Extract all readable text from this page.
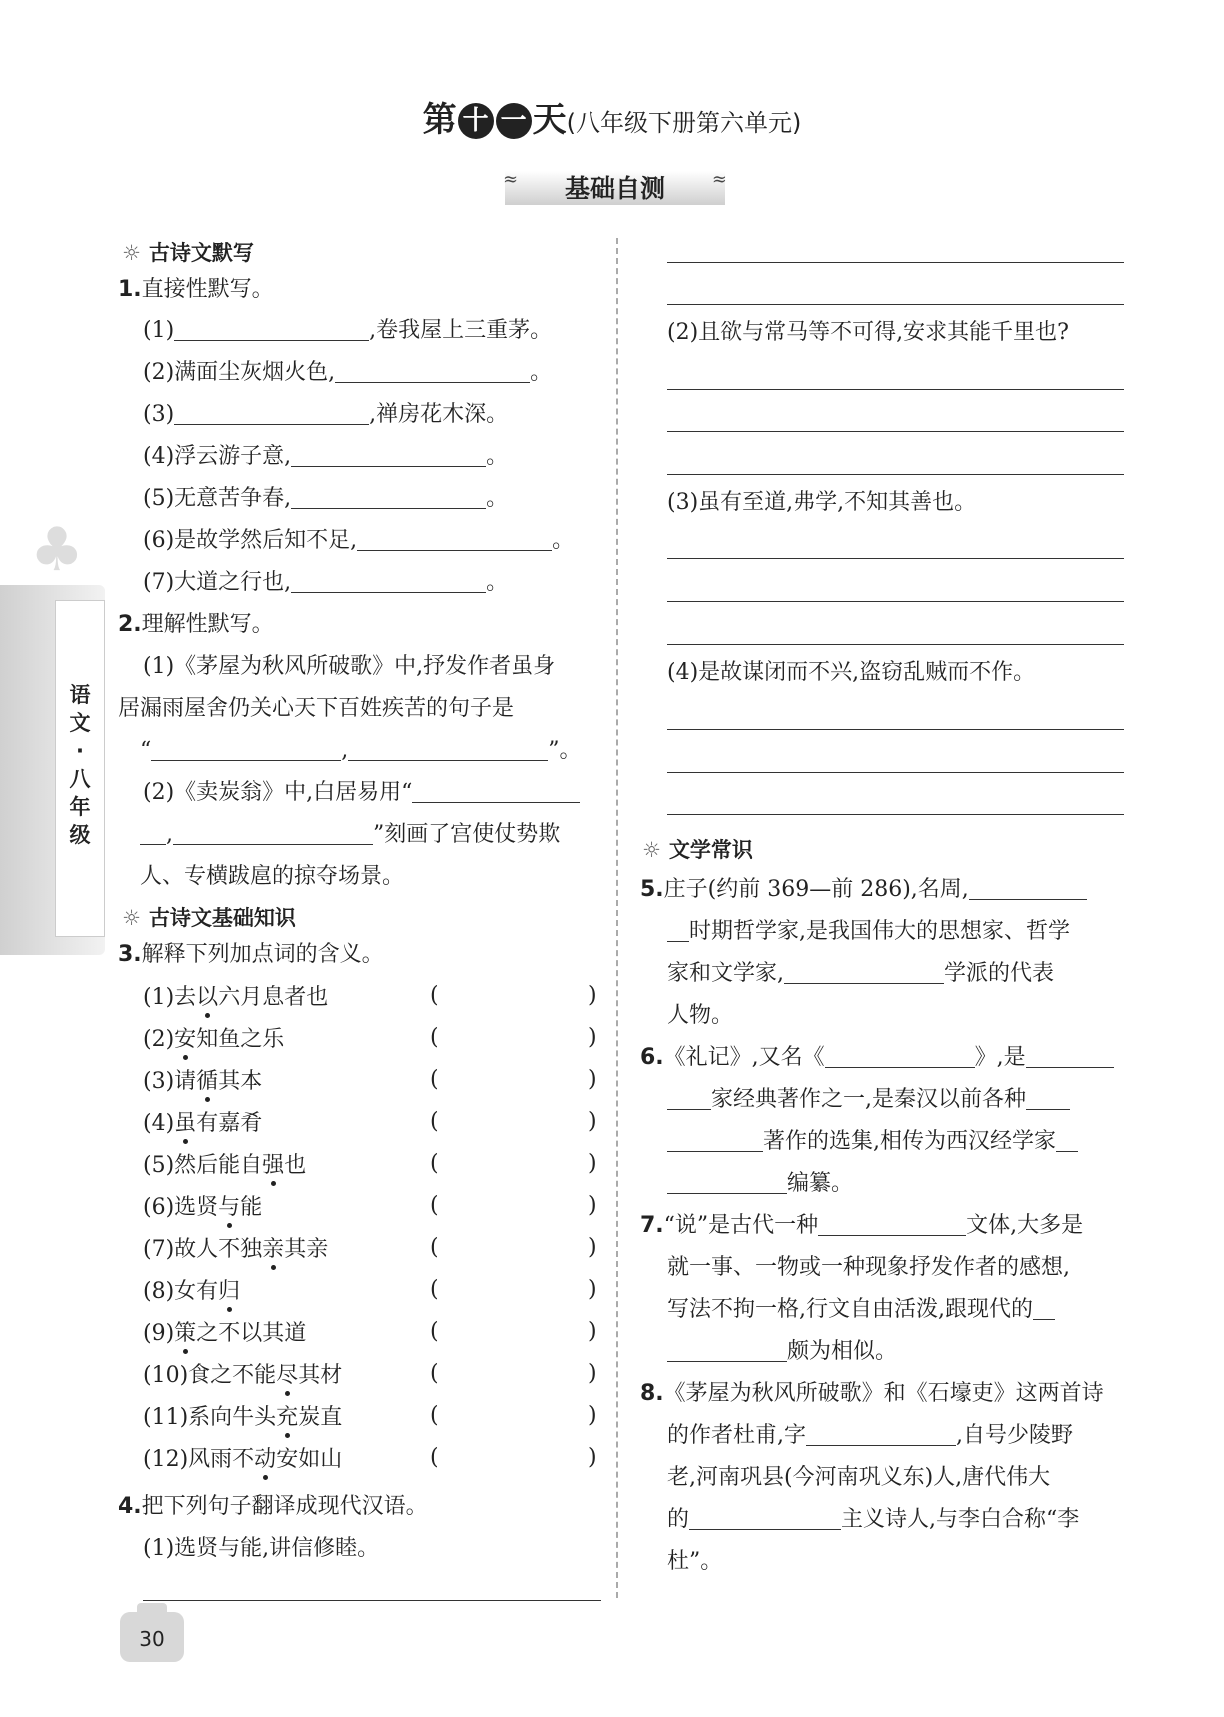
第 十 一 天(八年级下册第六单元)
≈	≈
基础自测
♣
语
文
·
八
年
级
☼ 古诗文默写
1.直接性默写。
(1)	,卷我屋上三重茅。
(2)满面尘灰烟火色,	。
(3)	,禅房花木深。
(4)浮云游子意,	。
(5)无意苦争春,	。
(6)是故学然后知不足,	。
(7)大道之行也,	。
2.理解性默写。
(1)《茅屋为秋风所破歌》中,抒发作者虽身
居漏雨屋舍仍关心天下百姓疾苦的句子是
“	,	”。
(2)《卖炭翁》中,白居易用“
,	”刻画了宫使仗势欺
人、专横跋扈的掠夺场景。
☼ 古诗文基础知识
3.解释下列加点词的含义。
(1)去以六月息者也	(	)
(2)安知鱼之乐	(	)
(3)请循其本	(	)
(4)虽有嘉肴	(	)
(5)然后能自强也	(	)
(6)选贤与能	(	)
(7)故人不独亲其亲	(	)
(8)女有归	(	)
(9)策之不以其道	(	)
(10)食之不能尽其材	(	)
(11)系向牛头充炭直	(	)
(12)风雨不动安如山	(	)
4.把下列句子翻译成现代汉语。
(1)选贤与能,讲信修睦。
(2)且欲与常马等不可得,安求其能千里也?
(3)虽有至道,弗学,不知其善也。
(4)是故谋闭而不兴,盗窃乱贼而不作。
☼ 文学常识
5.庄子(约前 369—前 286),名周,
时期哲学家,是我国伟大的思想家、哲学
家和文学家,	学派的代表
人物。
6.《礼记》,又名《	》,是
家经典著作之一,是秦汉以前各种
著作的选集,相传为西汉经学家
编纂。
7.“说”是古代一种	文体,大多是
就一事、一物或一种现象抒发作者的感想,
写法不拘一格,行文自由活泼,跟现代的
颇为相似。
8.《茅屋为秋风所破歌》和《石壕吏》这两首诗
的作者杜甫,字	,自号少陵野
老,河南巩县(今河南巩义东)人,唐代伟大
的	主义诗人,与李白合称“李
杜”。
30
